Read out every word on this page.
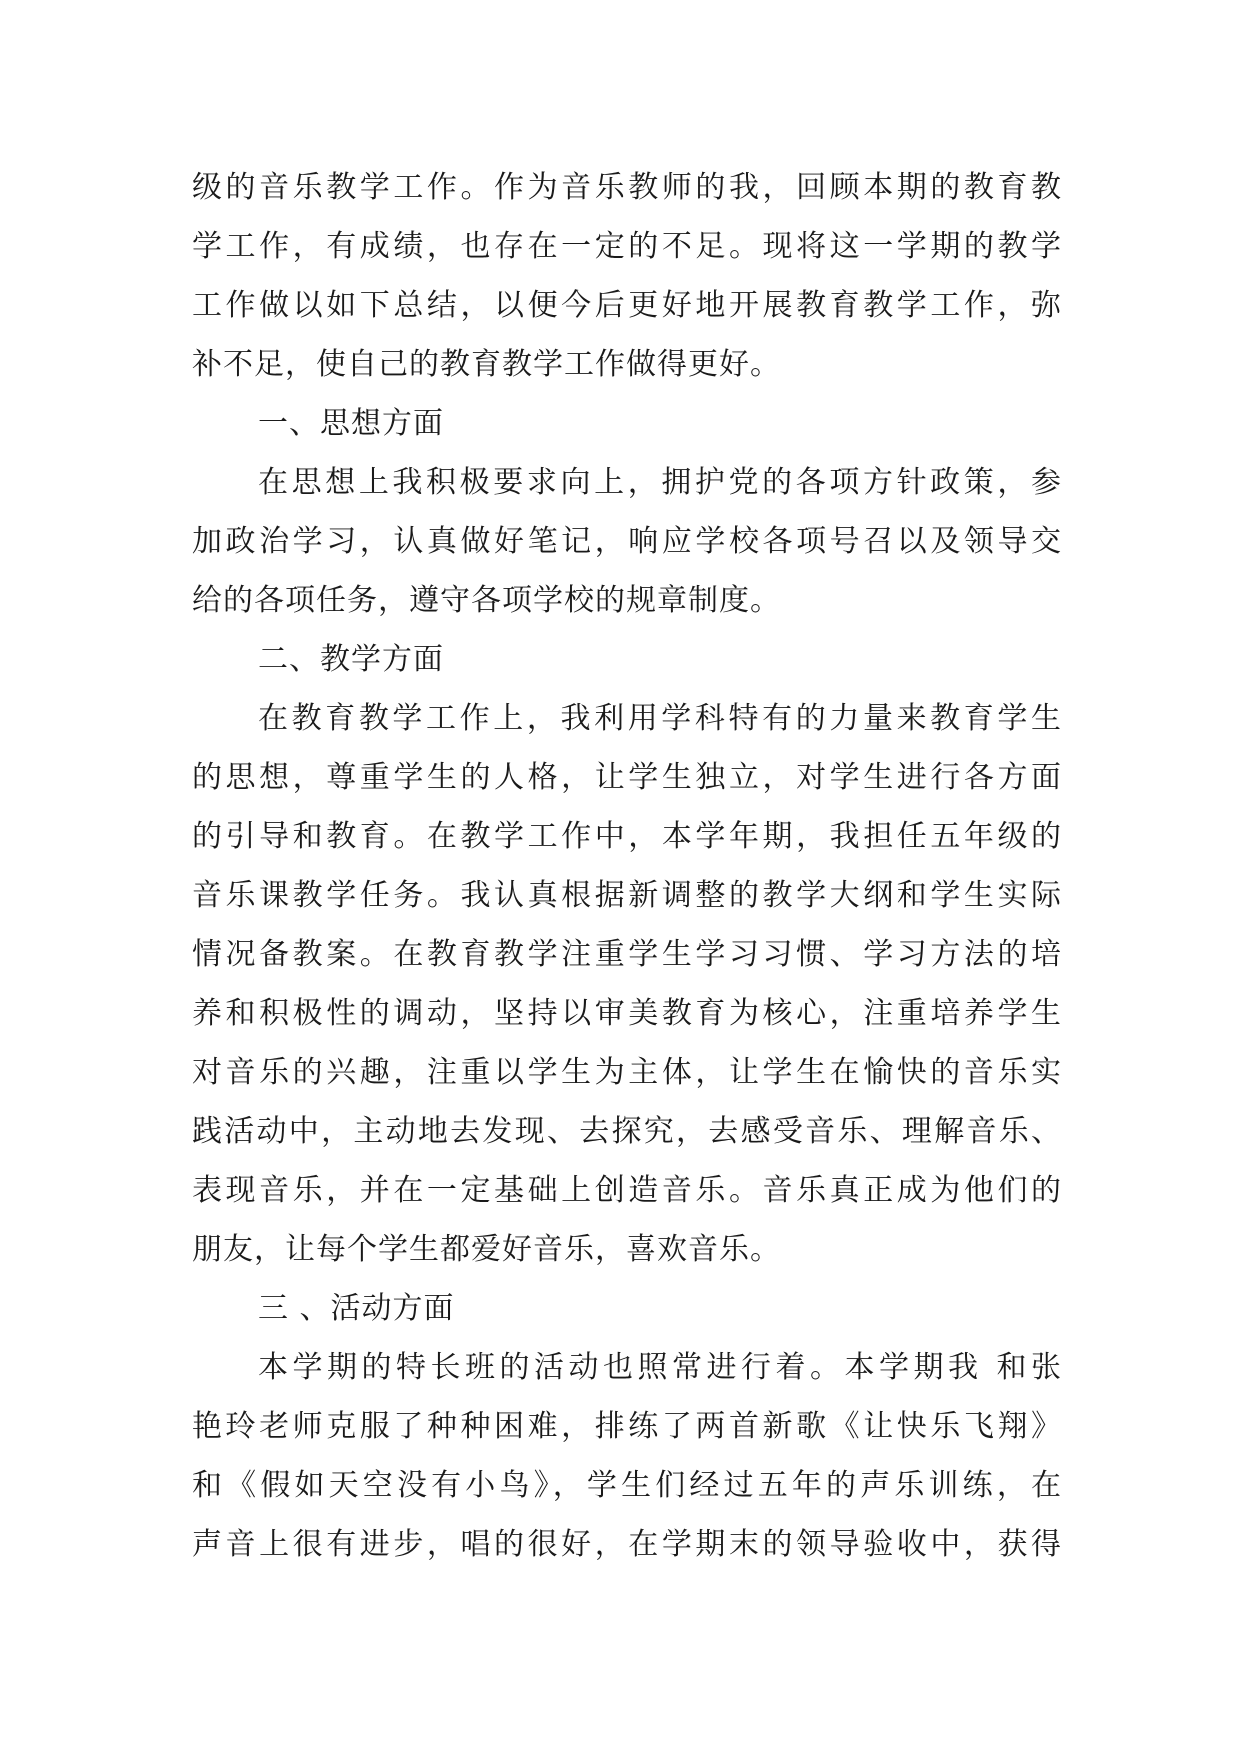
级的音乐教学工作。作为音乐教师的我，回顾本期的教育教
学工作，有成绩，也存在一定的不足。现将这一学期的教学
工作做以如下总结，以便今后更好地开展教育教学工作，弥
补不足，使自己的教育教学工作做得更好。
一、思想方面
在思想上我积极要求向上，拥护党的各项方针政策，参
加政治学习，认真做好笔记，响应学校各项号召以及领导交
给的各项任务，遵守各项学校的规章制度。
二、教学方面
在教育教学工作上，我利用学科特有的力量来教育学生
的思想，尊重学生的人格，让学生独立，对学生进行各方面
的引导和教育。在教学工作中，本学年期，我担任五年级的
音乐课教学任务。我认真根据新调整的教学大纲和学生实际
情况备教案。在教育教学注重学生学习习惯、学习方法的培
养和积极性的调动，坚持以审美教育为核心，注重培养学生
对音乐的兴趣，注重以学生为主体，让学生在愉快的音乐实
践活动中，主动地去发现、去探究，去感受音乐、理解音乐、
表现音乐，并在一定基础上创造音乐。音乐真正成为他们的
朋友，让每个学生都爱好音乐，喜欢音乐。
三 、活动方面
本学期的特长班的活动也照常进行着。本学期我 和张
艳玲老师克服了种种困难，排练了两首新歌《让快乐飞翔》
和《假如天空没有小鸟》，学生们经过五年的声乐训练，在
声音上很有进步，唱的很好，在学期末的领导验收中，获得
